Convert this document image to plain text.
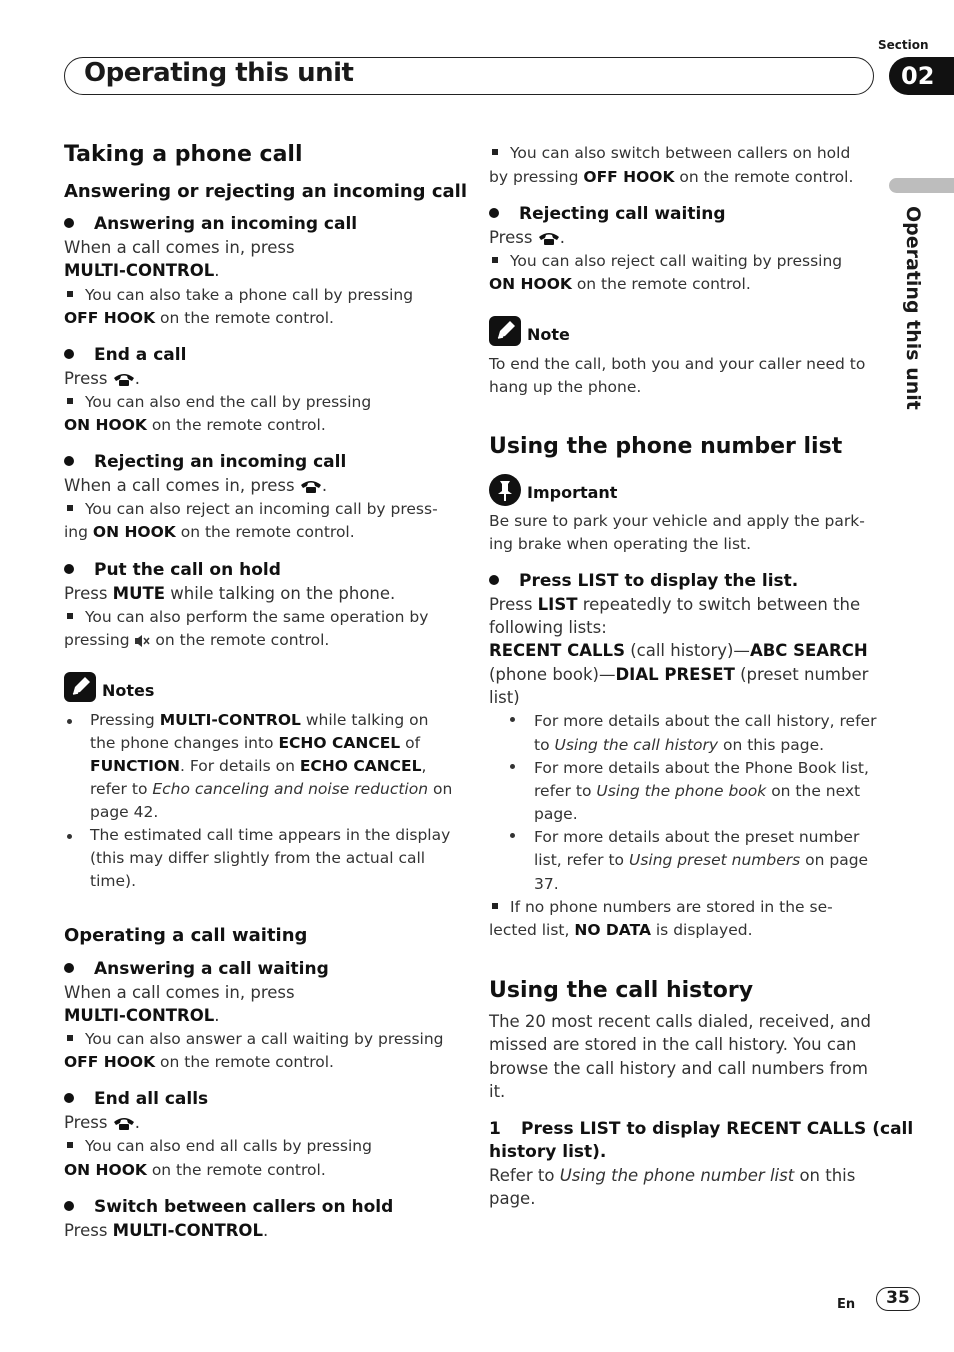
Section
Operating this unit	02
Operating this unit
Taking a phone call
Answering or rejecting an incoming call
Answering an incoming call
When a call comes in, press
MULTI-CONTROL.
You can also take a phone call by pressing
OFF HOOK on the remote control.
End a call
Press .
You can also end the call by pressing
ON HOOK on the remote control.
Rejecting an incoming call
When a call comes in, press .
You can also reject an incoming call by press-
ing ON HOOK on the remote control.
Put the call on hold
Press MUTE while talking on the phone.
You can also perform the same operation by
pressing  on the remote control.
Notes
Pressing MULTI-CONTROL while talking on
the phone changes into ECHO CANCEL of
FUNCTION. For details on ECHO CANCEL,
refer to Echo canceling and noise reduction on
page 42.
The estimated call time appears in the display
(this may differ slightly from the actual call
time).
Operating a call waiting
Answering a call waiting
When a call comes in, press
MULTI-CONTROL.
You can also answer a call waiting by pressing
OFF HOOK on the remote control.
End all calls
Press .
You can also end all calls by pressing
ON HOOK on the remote control.
Switch between callers on hold
Press MULTI-CONTROL.
You can also switch between callers on hold
by pressing OFF HOOK on the remote control.
Rejecting call waiting
Press .
You can also reject call waiting by pressing
ON HOOK on the remote control.
Note
To end the call, both you and your caller need to
hang up the phone.
Using the phone number list
Important
Be sure to park your vehicle and apply the park-
ing brake when operating the list.
Press LIST to display the list.
Press LIST repeatedly to switch between the
following lists:
RECENT CALLS (call history)—ABC SEARCH
(phone book)—DIAL PRESET (preset number
list)
For more details about the call history, refer
to Using the call history on this page.
For more details about the Phone Book list,
refer to Using the phone book on the next
page.
For more details about the preset number
list, refer to Using preset numbers on page
37.
If no phone numbers are stored in the se-
lected list, NO DATA is displayed.
Using the call history
The 20 most recent calls dialed, received, and
missed are stored in the call history. You can
browse the call history and call numbers from
it.
1 Press LIST to display RECENT CALLS (call
history list).
Refer to Using the phone number list on this
page.
En	35
